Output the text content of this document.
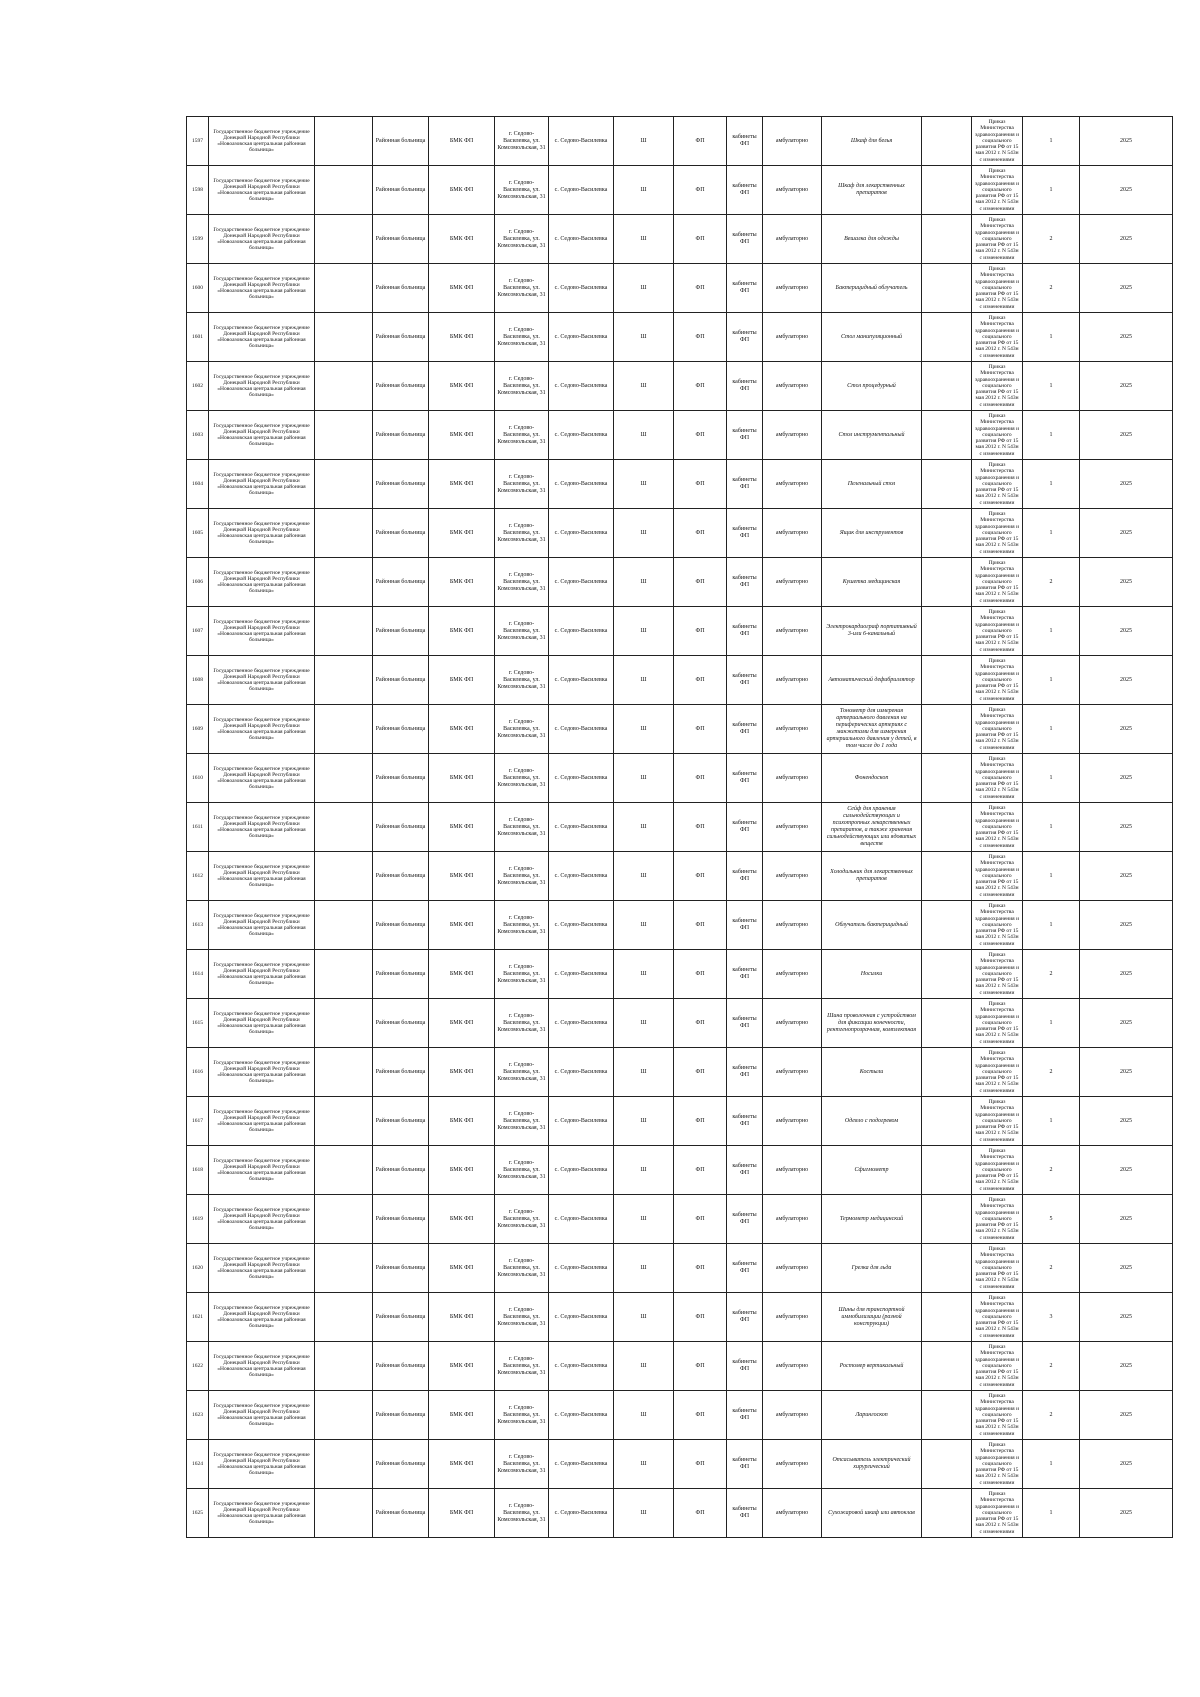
1597	Государственное бюджетное учреждение Донецкой Народной Республики «Новоазовская центральная районная больница»		Районная больница	БМК ФП	г. Седово-Василевка, ул. Комсомольская, 31	с. Седово-Василевка	Ш	ФП	кабинеты ФП	амбулаторно	Шкаф для белья		Приказ Министерства здравоохранения и социального развития РФ от 15 мая 2012 г. N 543н с изменениями	1	2025
1598	Государственное бюджетное учреждение Донецкой Народной Республики «Новоазовская центральная районная больница»		Районная больница	БМК ФП	г. Седово-Василевка, ул. Комсомольская, 31	с. Седово-Василевка	Ш	ФП	кабинеты ФП	амбулаторно	Шкаф для лекарственных препаратов		Приказ Министерства здравоохранения и социального развития РФ от 15 мая 2012 г. N 543н с изменениями	1	2025
1599	Государственное бюджетное учреждение Донецкой Народной Республики «Новоазовская центральная районная больница»		Районная больница	БМК ФП	г. Седово-Василевка, ул. Комсомольская, 31	с. Седово-Василевка	Ш	ФП	кабинеты ФП	амбулаторно	Вешалка для одежды		Приказ Министерства здравоохранения и социального развития РФ от 15 мая 2012 г. N 543н с изменениями	2	2025
1600	Государственное бюджетное учреждение Донецкой Народной Республики «Новоазовская центральная районная больница»		Районная больница	БМК ФП	г. Седово-Василевка, ул. Комсомольская, 31	с. Седово-Василевка	Ш	ФП	кабинеты ФП	амбулаторно	Бактерицидный облучатель		Приказ Министерства здравоохранения и социального развития РФ от 15 мая 2012 г. N 543н с изменениями	2	2025
1601	Государственное бюджетное учреждение Донецкой Народной Республики «Новоазовская центральная районная больница»		Районная больница	БМК ФП	г. Седово-Василевка, ул. Комсомольская, 31	с. Седово-Василевка	Ш	ФП	кабинеты ФП	амбулаторно	Стол манипуляционный		Приказ Министерства здравоохранения и социального развития РФ от 15 мая 2012 г. N 543н с изменениями	1	2025
1602	Государственное бюджетное учреждение Донецкой Народной Республики «Новоазовская центральная районная больница»		Районная больница	БМК ФП	г. Седово-Василевка, ул. Комсомольская, 31	с. Седово-Василевка	Ш	ФП	кабинеты ФП	амбулаторно	Стол процедурный		Приказ Министерства здравоохранения и социального развития РФ от 15 мая 2012 г. N 543н с изменениями	1	2025
1603	Государственное бюджетное учреждение Донецкой Народной Республики «Новоазовская центральная районная больница»		Районная больница	БМК ФП	г. Седово-Василевка, ул. Комсомольская, 31	с. Седово-Василевка	Ш	ФП	кабинеты ФП	амбулаторно	Стол инструментальный		Приказ Министерства здравоохранения и социального развития РФ от 15 мая 2012 г. N 543н с изменениями	1	2025
1604	Государственное бюджетное учреждение Донецкой Народной Республики «Новоазовская центральная районная больница»		Районная больница	БМК ФП	г. Седово-Василевка, ул. Комсомольская, 31	с. Седово-Василевка	Ш	ФП	кабинеты ФП	амбулаторно	Пеленальный стол		Приказ Министерства здравоохранения и социального развития РФ от 15 мая 2012 г. N 543н с изменениями	1	2025
1605	Государственное бюджетное учреждение Донецкой Народной Республики «Новоазовская центральная районная больница»		Районная больница	БМК ФП	г. Седово-Василевка, ул. Комсомольская, 31	с. Седово-Василевка	Ш	ФП	кабинеты ФП	амбулаторно	Ящик для инструментов		Приказ Министерства здравоохранения и социального развития РФ от 15 мая 2012 г. N 543н с изменениями	1	2025
1606	Государственное бюджетное учреждение Донецкой Народной Республики «Новоазовская центральная районная больница»		Районная больница	БМК ФП	г. Седово-Василевка, ул. Комсомольская, 31	с. Седово-Василевка	Ш	ФП	кабинеты ФП	амбулаторно	Кушетка медицинская		Приказ Министерства здравоохранения и социального развития РФ от 15 мая 2012 г. N 543н с изменениями	2	2025
1607	Государственное бюджетное учреждение Донецкой Народной Республики «Новоазовская центральная районная больница»		Районная больница	БМК ФП	г. Седово-Василевка, ул. Комсомольская, 31	с. Седово-Василевка	Ш	ФП	кабинеты ФП	амбулаторно	Электрокардиограф портативный 3-или 6-канальный		Приказ Министерства здравоохранения и социального развития РФ от 15 мая 2012 г. N 543н с изменениями	1	2025
1608	Государственное бюджетное учреждение Донецкой Народной Республики «Новоазовская центральная районная больница»		Районная больница	БМК ФП	г. Седово-Василевка, ул. Комсомольская, 31	с. Седово-Василевка	Ш	ФП	кабинеты ФП	амбулаторно	Автоматический дефибриллятор		Приказ Министерства здравоохранения и социального развития РФ от 15 мая 2012 г. N 543н с изменениями	1	2025
1609	Государственное бюджетное учреждение Донецкой Народной Республики «Новоазовская центральная районная больница»		Районная больница	БМК ФП	г. Седово-Василевка, ул. Комсомольская, 31	с. Седово-Василевка	Ш	ФП	кабинеты ФП	амбулаторно	Тонометр для измерения артериального давления на периферических артериях с манжетами для измерения артериального давления у детей, в том числе до 1 года		Приказ Министерства здравоохранения и социального развития РФ от 15 мая 2012 г. N 543н с изменениями	1	2025
1610	Государственное бюджетное учреждение Донецкой Народной Республики «Новоазовская центральная районная больница»		Районная больница	БМК ФП	г. Седово-Василевка, ул. Комсомольская, 31	с. Седово-Василевка	Ш	ФП	кабинеты ФП	амбулаторно	Фонендоскоп		Приказ Министерства здравоохранения и социального развития РФ от 15 мая 2012 г. N 543н с изменениями	1	2025
1611	Государственное бюджетное учреждение Донецкой Народной Республики «Новоазовская центральная районная больница»		Районная больница	БМК ФП	г. Седово-Василевка, ул. Комсомольская, 31	с. Седово-Василевка	Ш	ФП	кабинеты ФП	амбулаторно	Сейф для хранения сильнодействующих и психотропных лекарственных препаратов, а также хранения сильнодействующих или ядовитых веществ		Приказ Министерства здравоохранения и социального развития РФ от 15 мая 2012 г. N 543н с изменениями	1	2025
1612	Государственное бюджетное учреждение Донецкой Народной Республики «Новоазовская центральная районная больница»		Районная больница	БМК ФП	г. Седово-Василевка, ул. Комсомольская, 31	с. Седово-Василевка	Ш	ФП	кабинеты ФП	амбулаторно	Холодильник для лекарственных препаратов		Приказ Министерства здравоохранения и социального развития РФ от 15 мая 2012 г. N 543н с изменениями	1	2025
1613	Государственное бюджетное учреждение Донецкой Народной Республики «Новоазовская центральная районная больница»		Районная больница	БМК ФП	г. Седово-Василевка, ул. Комсомольская, 31	с. Седово-Василевка	Ш	ФП	кабинеты ФП	амбулаторно	Облучатель бактерицидный		Приказ Министерства здравоохранения и социального развития РФ от 15 мая 2012 г. N 543н с изменениями	1	2025
1614	Государственное бюджетное учреждение Донецкой Народной Республики «Новоазовская центральная районная больница»		Районная больница	БМК ФП	г. Седово-Василевка, ул. Комсомольская, 31	с. Седово-Василевка	Ш	ФП	кабинеты ФП	амбулаторно	Носилки		Приказ Министерства здравоохранения и социального развития РФ от 15 мая 2012 г. N 543н с изменениями	2	2025
1615	Государственное бюджетное учреждение Донецкой Народной Республики «Новоазовская центральная районная больница»		Районная больница	БМК ФП	г. Седово-Василевка, ул. Комсомольская, 31	с. Седово-Василевка	Ш	ФП	кабинеты ФП	амбулаторно	Шина проволочная с устройством для фиксации конечности, рентгенопрозрачная, комплектная		Приказ Министерства здравоохранения и социального развития РФ от 15 мая 2012 г. N 543н с изменениями	1	2025
1616	Государственное бюджетное учреждение Донецкой Народной Республики «Новоазовская центральная районная больница»		Районная больница	БМК ФП	г. Седово-Василевка, ул. Комсомольская, 31	с. Седово-Василевка	Ш	ФП	кабинеты ФП	амбулаторно	Костыли		Приказ Министерства здравоохранения и социального развития РФ от 15 мая 2012 г. N 543н с изменениями	2	2025
1617	Государственное бюджетное учреждение Донецкой Народной Республики «Новоазовская центральная районная больница»		Районная больница	БМК ФП	г. Седово-Василевка, ул. Комсомольская, 31	с. Седово-Василевка	Ш	ФП	кабинеты ФП	амбулаторно	Одеяло с подогревом		Приказ Министерства здравоохранения и социального развития РФ от 15 мая 2012 г. N 543н с изменениями	1	2025
1618	Государственное бюджетное учреждение Донецкой Народной Республики «Новоазовская центральная районная больница»		Районная больница	БМК ФП	г. Седово-Василевка, ул. Комсомольская, 31	с. Седово-Василевка	Ш	ФП	кабинеты ФП	амбулаторно	Сфигмометр		Приказ Министерства здравоохранения и социального развития РФ от 15 мая 2012 г. N 543н с изменениями	2	2025
1619	Государственное бюджетное учреждение Донецкой Народной Республики «Новоазовская центральная районная больница»		Районная больница	БМК ФП	г. Седово-Василевка, ул. Комсомольская, 31	с. Седово-Василевка	Ш	ФП	кабинеты ФП	амбулаторно	Термометр медицинский		Приказ Министерства здравоохранения и социального развития РФ от 15 мая 2012 г. N 543н с изменениями	5	2025
1620	Государственное бюджетное учреждение Донецкой Народной Республики «Новоазовская центральная районная больница»		Районная больница	БМК ФП	г. Седово-Василевка, ул. Комсомольская, 31	с. Седово-Василевка	Ш	ФП	кабинеты ФП	амбулаторно	Грелка для льда		Приказ Министерства здравоохранения и социального развития РФ от 15 мая 2012 г. N 543н с изменениями	2	2025
1621	Государственное бюджетное учреждение Донецкой Народной Республики «Новоазовская центральная районная больница»		Районная больница	БМК ФП	г. Седово-Василевка, ул. Комсомольская, 31	с. Седово-Василевка	Ш	ФП	кабинеты ФП	амбулаторно	Шины для транспортной иммобилизации (разной конструкции)		Приказ Министерства здравоохранения и социального развития РФ от 15 мая 2012 г. N 543н с изменениями	3	2025
1622	Государственное бюджетное учреждение Донецкой Народной Республики «Новоазовская центральная районная больница»		Районная больница	БМК ФП	г. Седово-Василевка, ул. Комсомольская, 31	с. Седово-Василевка	Ш	ФП	кабинеты ФП	амбулаторно	Ростомер вертикальный		Приказ Министерства здравоохранения и социального развития РФ от 15 мая 2012 г. N 543н с изменениями	2	2025
1623	Государственное бюджетное учреждение Донецкой Народной Республики «Новоазовская центральная районная больница»		Районная больница	БМК ФП	г. Седово-Василевка, ул. Комсомольская, 31	с. Седово-Василевка	Ш	ФП	кабинеты ФП	амбулаторно	Ларингоскоп		Приказ Министерства здравоохранения и социального развития РФ от 15 мая 2012 г. N 543н с изменениями	2	2025
1624	Государственное бюджетное учреждение Донецкой Народной Республики «Новоазовская центральная районная больница»		Районная больница	БМК ФП	г. Седово-Василевка, ул. Комсомольская, 31	с. Седово-Василевка	Ш	ФП	кабинеты ФП	амбулаторно	Отсасыватель электрический хирургический		Приказ Министерства здравоохранения и социального развития РФ от 15 мая 2012 г. N 543н с изменениями	1	2025
1625	Государственное бюджетное учреждение Донецкой Народной Республики «Новоазовская центральная районная больница»		Районная больница	БМК ФП	г. Седово-Василевка, ул. Комсомольская, 31	с. Седово-Василевка	Ш	ФП	кабинеты ФП	амбулаторно	Сухожаровой шкаф или автоклав		Приказ Министерства здравоохранения и социального развития РФ от 15 мая 2012 г. N 543н с изменениями	1	2025
